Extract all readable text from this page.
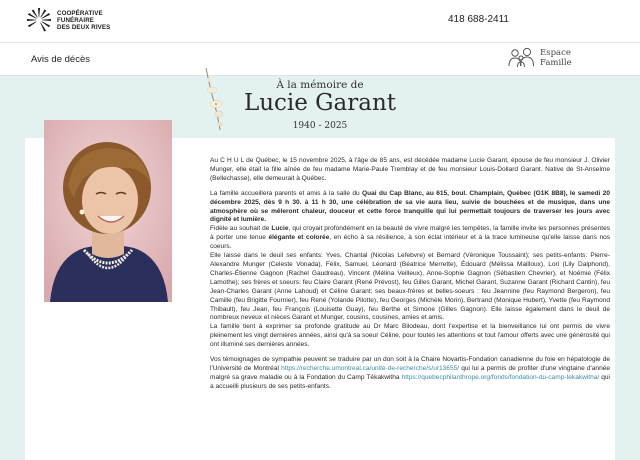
COOPÉRATIVE
FUNÉRAIRE
DES DEUX RIVES
418 688-2411
Avis de décès
Espace
Famille
À la mémoire de
Lucie Garant
1940 - 2025

Au C H U L de Québec, le 15 novembre 2025, à l'âge de 85 ans, est décédée madame Lucie Garant, épouse de feu monsieur J. Olivier Munger, elle était la fille aînée de feu madame Marie-Paule Tremblay et de feu monsieur Louis-Dollard Garant. Native de St-Anselme (Bellechasse), elle demeurait à Québec.

La famille accueillera parents et amis à la salle du Quai du Cap Blanc, au 615, boul. Champlain, Québec (G1K 8B8), le samedi 20 décembre 2025, dès 9 h 30. à 11 h 30, une célébration de sa vie aura lieu, suivie de bouchées et de musique, dans une atmosphère où se mêleront chaleur, douceur et cette force tranquille qui lui permettait toujours de traverser les jours avec dignité et lumière.

Fidèle au souhait de Lucie, qui croyait profondément en la beauté de vivre malgré les tempêtes, la famille invite les personnes présentes à porter une tenue élégante et colorée, en écho à sa résilience, à son éclat intérieur et à la trace lumineuse qu'elle laisse dans nos coeurs.

Elle laisse dans le deuil ses enfants: Yves, Chantal (Nicolas Lefebvre) et Bernard (Véronique Toussaint); ses petits-enfants: Pierre-Alexandre Munger (Celeste Vonada), Félix, Samuel, Léonard (Béatrice Merrette), Édouard (Mélissa Mailloux), Lori (Lily Dalphond), Charles-Étienne Gagnon (Rachel Gaudreau), Vincent (Mélina Veilleux), Anne-Sophie Gagnon (Sébastien Chevrier), et Noémie (Félix Lamothe); ses frères et soeurs: feu Claire Garant (René Prévost), feu Gilles Garant, Michel Garant, Suzanne Garant (Richard Cantin), feu Jean-Charles Garant (Anne Lahoud) et Céline Garant; ses beaux-frères et belles-soeurs : feu Jeannine (feu Raymond Bergeron), feu Camille (feu Brigitte Fournier), feu René (Yolande Pilotte), feu Georges (Michèle Morin), Bertrand (Monique Hubert), Yvette (feu Raymond Thibault), feu Jean, feu François (Louisette Guay), feu Berthe et Simone (Gilles Gagnon). Elle laisse également dans le deuil de nombreux neveux et nièces Garant et Munger, cousins, cousines, amies et amis.

La famille tient à exprimer sa profonde gratitude au Dr Marc Bilodeau, dont l'expertise et la bienveillance lui ont permis de vivre pleinement les vingt dernières années, ainsi qu'à sa soeur Céline, pour toutes les attentions et tout l'amour offerts avec une générosité qui ont illuminé ses dernières années.

Vos témoignages de sympathie peuvent se traduire par un don soit à la Chaire Novartis-Fondation canadienne du foie en hépatologie de l'Université de Montréal https://recherche.umontreal.ca/unite-de-recherche/s/ur13655/ qui lui a permis de profiter d'une vingtaine d'année malgré sa grave maladie ou à la Fondation du Camp Tékakwitha https://quebecphilanthrope.org/fonds/fondation-du-camp-tekakwitha/ qui a accueilli plusieurs de ses petits-enfants.
